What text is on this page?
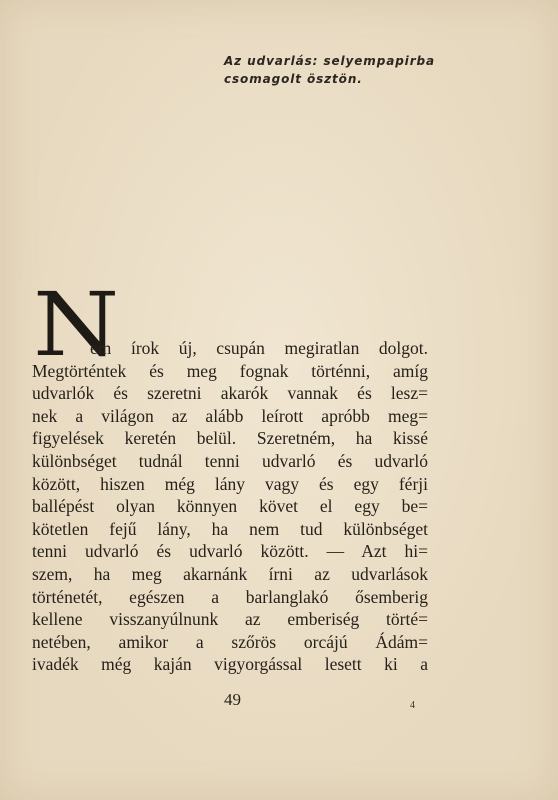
Az udvarlás: selyempapirba
csomagolt ösztön.
N
em írok új, csupán megiratlan dolgot.
Megtörténtek és meg fognak történni, amíg
udvarlók és szeretni akarók vannak és lesz=
nek a világon az alább leírott apróbb meg=
figyelések keretén belül. Szeretném, ha kissé
különbséget tudnál tenni udvarló és udvarló
között, hiszen még lány vagy és egy férji
ballépést olyan könnyen követ el egy be=
kötetlen fejű lány, ha nem tud különbséget
tenni udvarló és udvarló között. — Azt hi=
szem, ha meg akarnánk írni az udvarlások
történetét, egészen a barlanglakó ősemberig
kellene visszanyúlnunk az emberiség törté=
netében, amikor a szőrös orcájú Ádám=
ivadék még kaján vigyorgással lesett ki a
49	4
